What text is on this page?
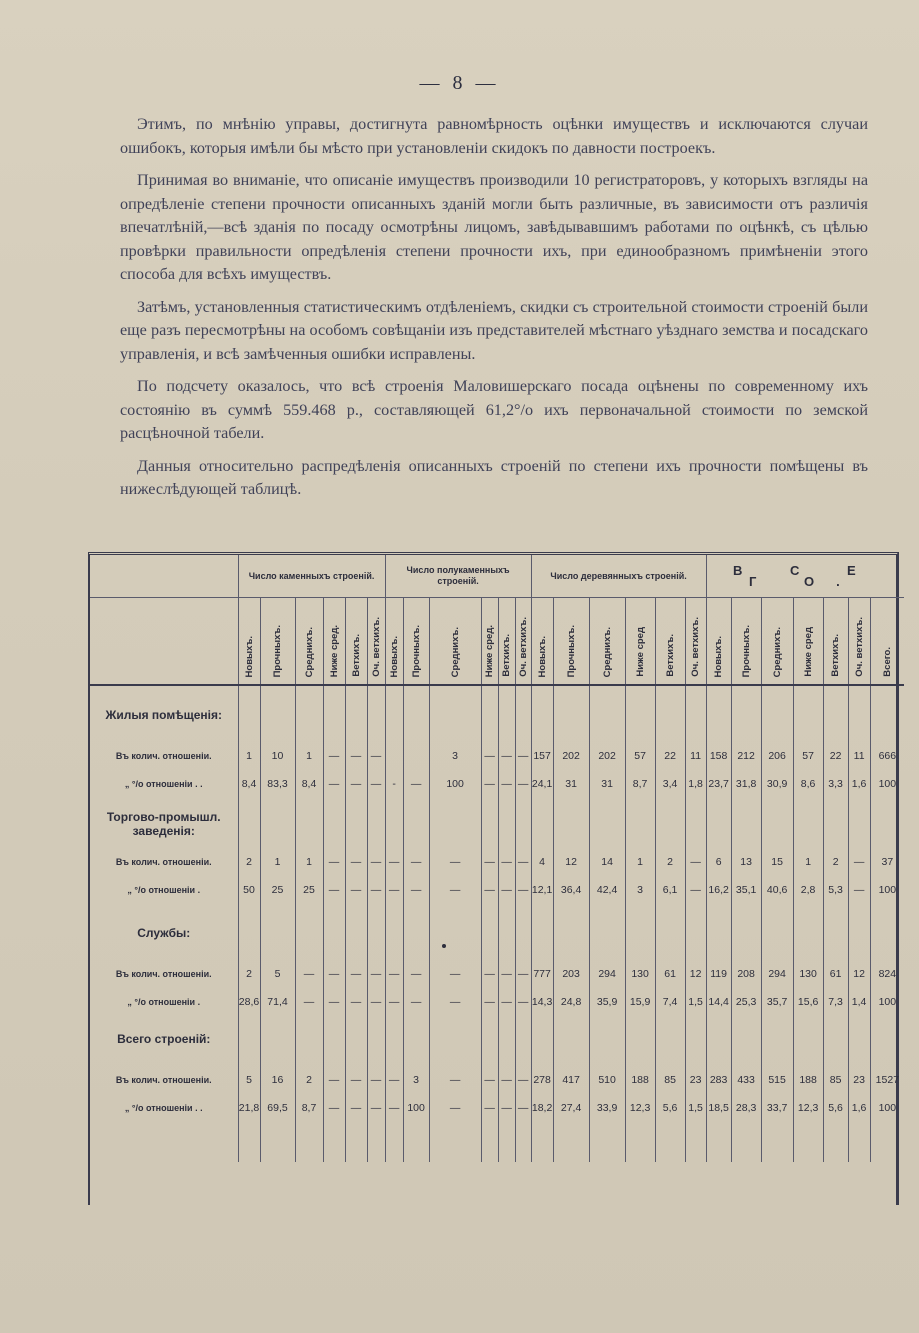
— 8 —

Этимъ, по мнѣнію управы, достигнута равномѣрность оцѣнки имуществъ и исключаются случаи ошибокъ, которыя имѣли бы мѣсто при установленіи скидокъ по давности построекъ.

Принимая во вниманіе, что описаніе имуществъ производили 10 регистраторовъ, у которыхъ взгляды на опредѣленіе степени прочности описанныхъ зданій могли быть различные, въ зависимости отъ различія впечатлѣній,—всѣ зданія по посаду осмотрѣны лицомъ, завѣдывавшимъ работами по оцѣнкѣ, съ цѣлью провѣрки правильности опредѣленія степени прочности ихъ, при единообразномъ примѣненіи этого способа для всѣхъ имуществъ.

Затѣмъ, установленныя статистическимъ отдѣленіемъ, скидки съ строительной стоимости строеній были еще разъ пересмотрѣны на особомъ совѣщаніи изъ представителей мѣстнаго уѣзднаго земства и посадскаго управленія, и всѣ замѣченныя ошибки исправлены.

По подсчету оказалось, что всѣ строенія Маловишерскаго посада оцѣнены по современному ихъ состоянію въ суммѣ 559.468 р., составляющей 61,2°/о ихъ первоначальной стоимости по земской расцѣночной табели.

Данныя относительно распредѣленія описанныхъ строеній по степени ихъ прочности помѣщены въ нижеслѣдующей таблицѣ.

	Число каменныхъ строеній.						Число полукаменныхъ строеній.						Число деревянныхъ строеній.						В С Е Г О.						
	Новыхъ.	Прочныхъ.	Среднихъ.	Ниже сред.	Ветхихъ.	Оч. ветхихъ.	Новыхъ.	Прочныхъ.	Среднихъ.	Ниже сред.	Ветхихъ.	Оч. ветхихъ.	Новыхъ.	Прочныхъ.	Среднихъ.	Ниже сред	Ветхихъ.	Оч. ветхихъ.	Новыхъ.	Прочныхъ.	Среднихъ.	Ниже сред	Ветхихъ.	Оч. ветхихъ.	Всего.
Жилыя помѣщенія:																									

Въ колич. отношенiи.	1	10	1	—	—	—			3	—	—	—	157	202	202	57	22	11	158	212	206	57	22	11	666
„ °/о отношенiи . .	8,4	83,3	8,4	—	—	—	-	—	100	—	—	—	24,1	31	31	8,7	3,4	1,8	23,7	31,8	30,9	8,6	3,3	1,6	100
Торгово-промышл. заведенія:																									

Въ колич. отношенiи.	2	1	1	—	—	—	—	—	—	—	—	—	4	12	14	1	2	—	6	13	15	1	2	—	37
„ °/о отношенiи .	50	25	25	—	—	—	—	—	—	—	—	—	12,1	36,4	42,4	3	6,1	—	16,2	35,1	40,6	2,8	5,3	—	100
Службы:																									

Въ колич. отношенiи.	2	5	—	—	—	—	—	—	—	—	—	—	777	203	294	130	61	12	119	208	294	130	61	12	824
„ °/о отношенiи .	28,6	71,4	—	—	—	—	—	—	—	—	—	—	14,3	24,8	35,9	15,9	7,4	1,5	14,4	25,3	35,7	15,6	7,3	1,4	100
Всего строеній:																									

Въ колич. отношенiи.	5	16	2	—	—	—	—	3	—	—	—	—	278	417	510	188	85	23	283	433	515	188	85	23	1527
„ °/о отношенiи . .	21,8	69,5	8,7	—	—	—	—	100	—	—	—	—	18,2	27,4	33,9	12,3	5,6	1,5	18,5	28,3	33,7	12,3	5,6	1,6	100
